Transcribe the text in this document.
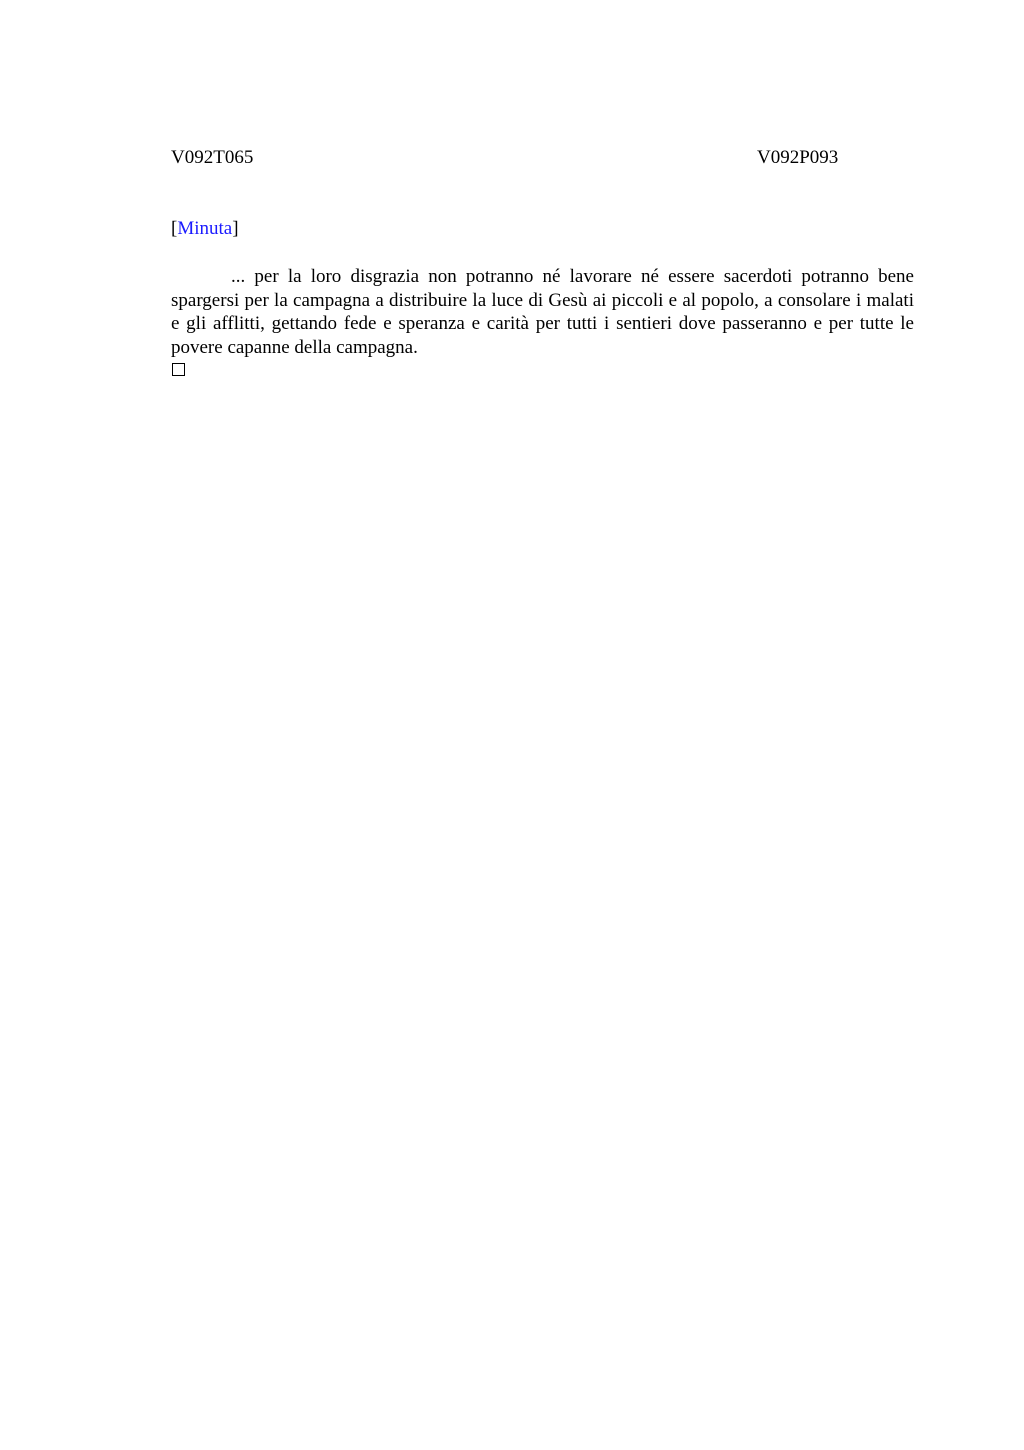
V092T065	V092P093
[Minuta]

... per la loro disgrazia non potranno né lavorare né essere sacerdoti potranno bene spargersi per la campagna a distribuire la luce di Gesù ai piccoli e al popolo, a consolare i malati e gli afflitti, gettando fede e speranza e carità per tutti i sentieri dove passeranno e per tutte le povere capanne della campagna.
